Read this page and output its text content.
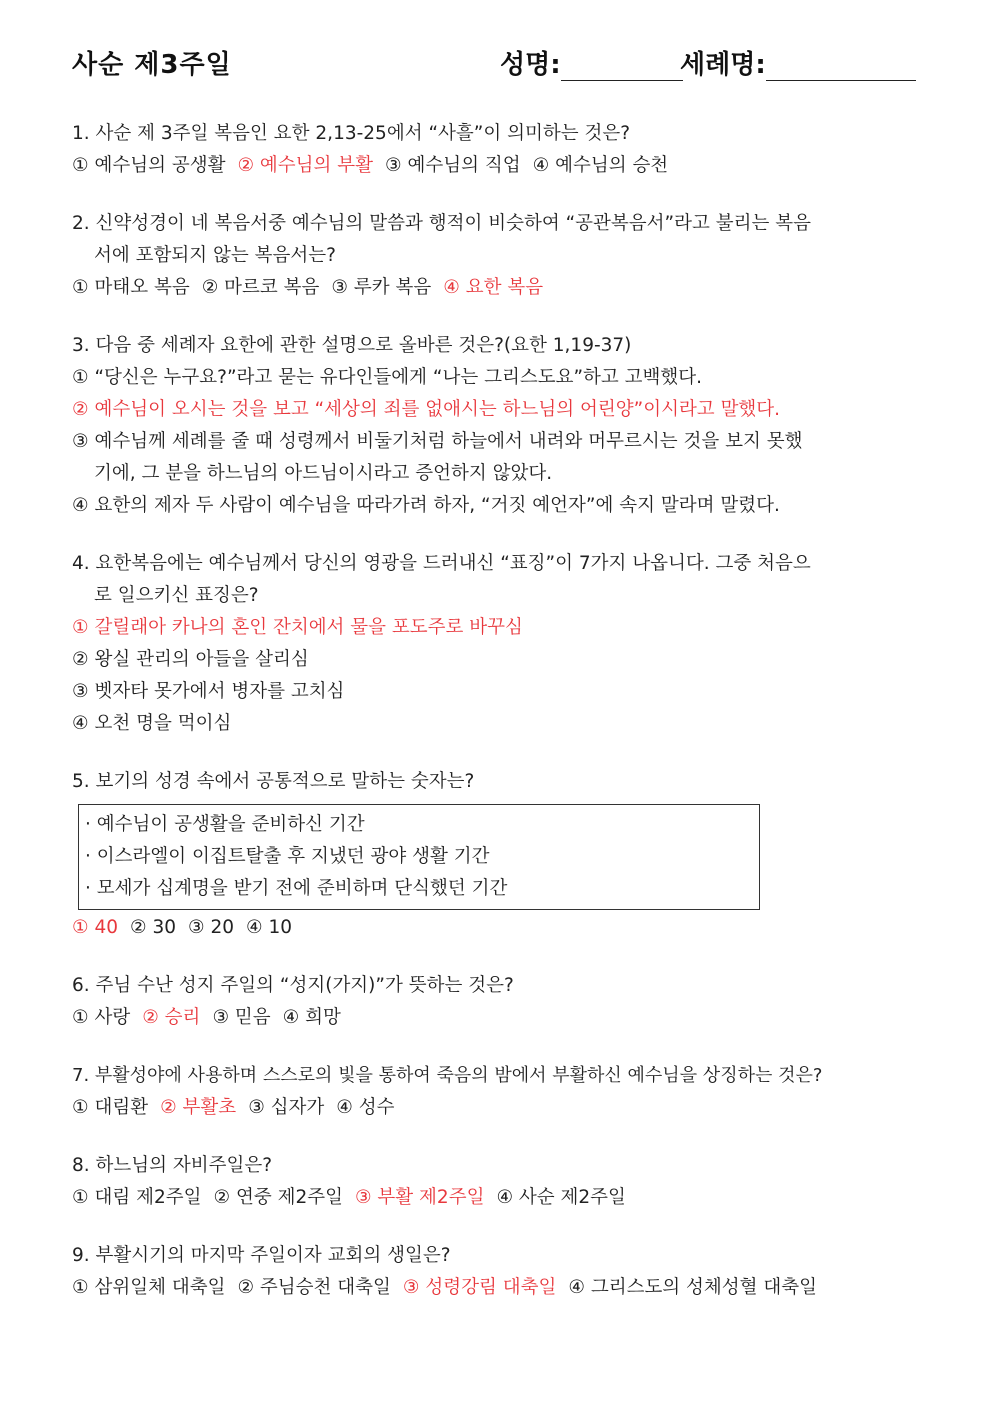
사순 제3주일	성명:	세례명:
1. 사순 제 3주일 복음인 요한 2,13-25에서 “사흘”이 의미하는 것은?
① 예수님의 공생활 ② 예수님의 부활 ③ 예수님의 직업 ④ 예수님의 승천
2. 신약성경이 네 복음서중 예수님의 말씀과 행적이 비슷하여 “공관복음서”라고 불리는 복음
서에 포함되지 않는 복음서는?
① 마태오 복음 ② 마르코 복음 ③ 루카 복음 ④ 요한 복음
3. 다음 중 세례자 요한에 관한 설명으로 올바른 것은?(요한 1,19-37)
① “당신은 누구요?”라고 묻는 유다인들에게 “나는 그리스도요”하고 고백했다.
② 예수님이 오시는 것을 보고 “세상의 죄를 없애시는 하느님의 어린양”이시라고 말했다.
③ 예수님께 세례를 줄 때 성령께서 비둘기처럼 하늘에서 내려와 머무르시는 것을 보지 못했
기에, 그 분을 하느님의 아드님이시라고 증언하지 않았다.
④ 요한의 제자 두 사람이 예수님을 따라가려 하자, “거짓 예언자”에 속지 말라며 말렸다.
4. 요한복음에는 예수님께서 당신의 영광을 드러내신 “표징”이 7가지 나옵니다. 그중 처음으
로 일으키신 표징은?
① 갈릴래아 카나의 혼인 잔치에서 물을 포도주로 바꾸심
② 왕실 관리의 아들을 살리심
③ 벳자타 못가에서 병자를 고치심
④ 오천 명을 먹이심
5. 보기의 성경 속에서 공통적으로 말하는 숫자는?
· 예수님이 공생활을 준비하신 기간
· 이스라엘이 이집트탈출 후 지냈던 광야 생활 기간
· 모세가 십계명을 받기 전에 준비하며 단식했던 기간
① 40 ② 30 ③ 20 ④ 10
6. 주님 수난 성지 주일의 “성지(가지)”가 뜻하는 것은?
① 사랑 ② 승리 ③ 믿음 ④ 희망
7. 부활성야에 사용하며 스스로의 빛을 통하여 죽음의 밤에서 부활하신 예수님을 상징하는 것은?
① 대림환 ② 부활초 ③ 십자가 ④ 성수
8. 하느님의 자비주일은?
① 대림 제2주일 ② 연중 제2주일 ③ 부활 제2주일 ④ 사순 제2주일
9. 부활시기의 마지막 주일이자 교회의 생일은?
① 삼위일체 대축일 ② 주님승천 대축일 ③ 성령강림 대축일 ④ 그리스도의 성체성혈 대축일
